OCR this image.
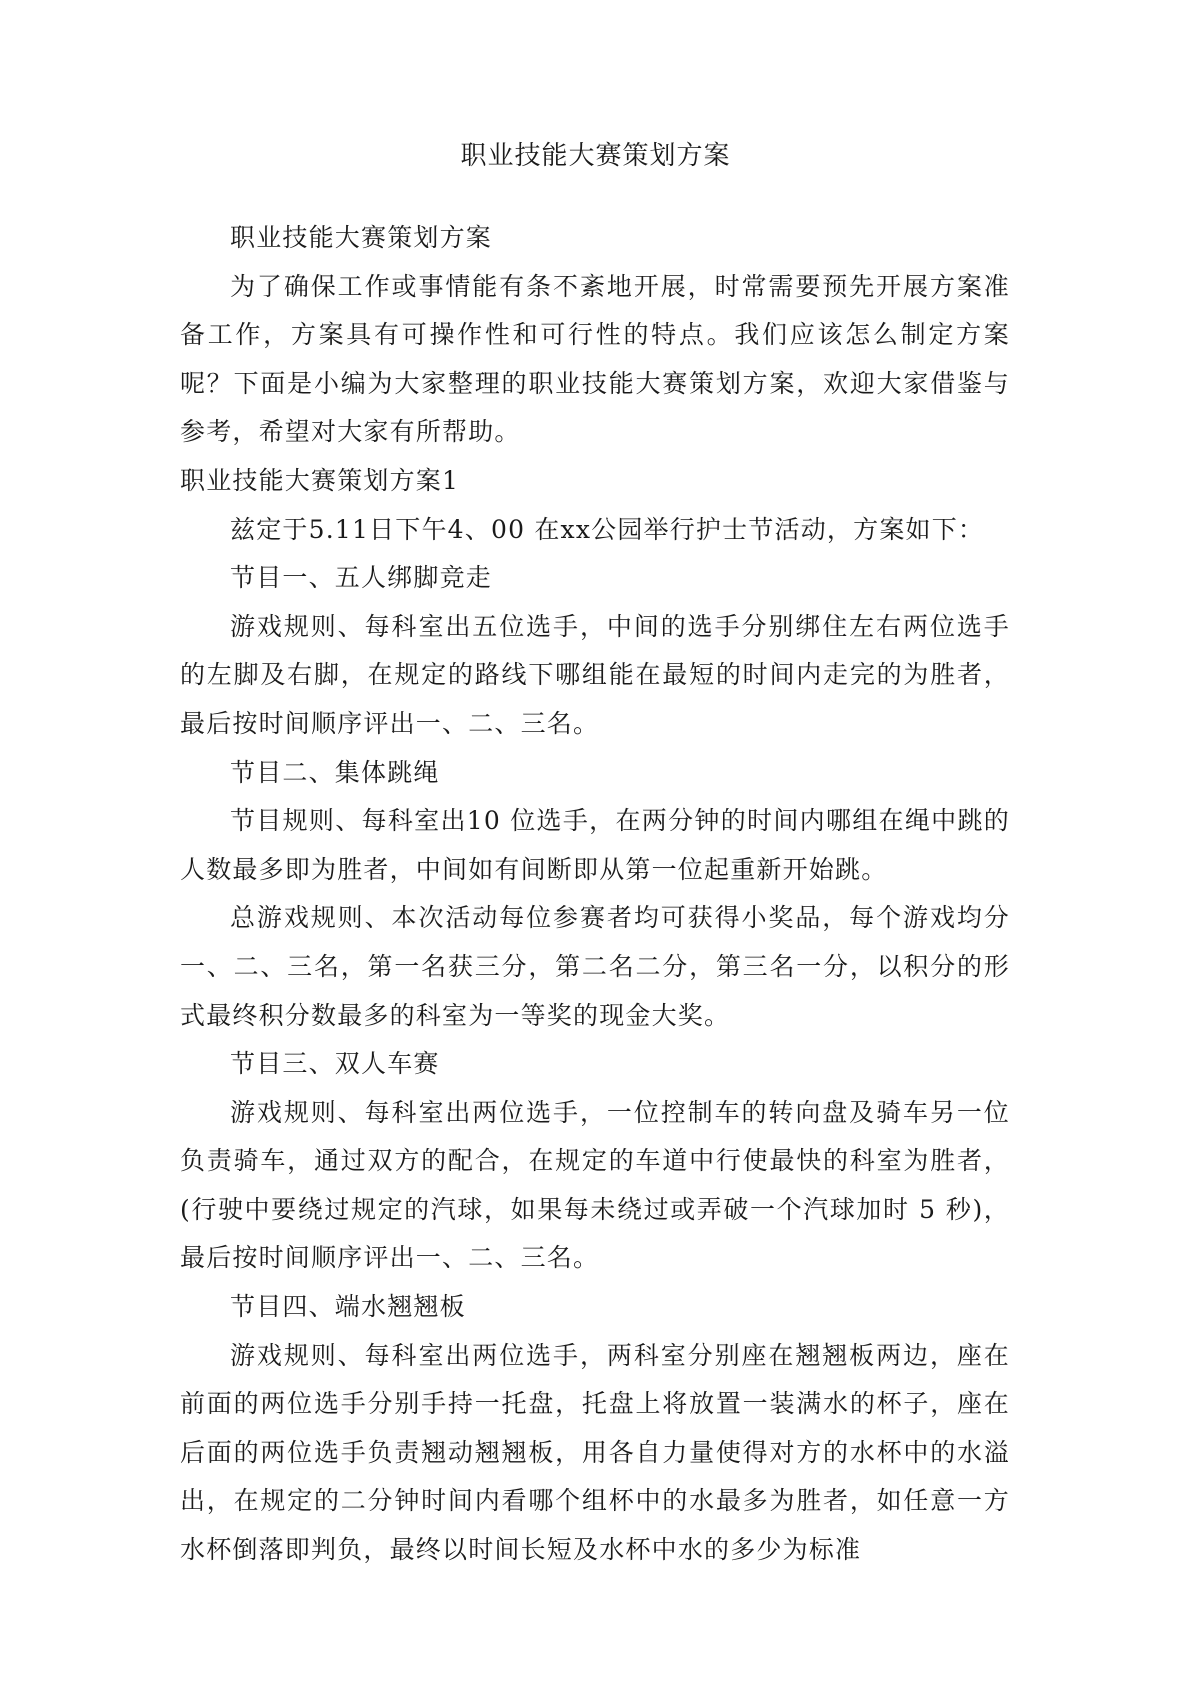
职业技能大赛策划方案

职业技能大赛策划方案

为了确保工作或事情能有条不紊地开展，时常需要预先开展方案准备工作，方案具有可操作性和可行性的特点。我们应该怎么制定方案呢？下面是小编为大家整理的职业技能大赛策划方案，欢迎大家借鉴与参考，希望对大家有所帮助。

职业技能大赛策划方案1

兹定于5.11日下午4、00 在xx公园举行护士节活动，方案如下：

节目一、五人绑脚竞走

游戏规则、每科室出五位选手，中间的选手分别绑住左右两位选手的左脚及右脚，在规定的路线下哪组能在最短的时间内走完的为胜者，最后按时间顺序评出一、二、三名。

节目二、集体跳绳

节目规则、每科室出10 位选手，在两分钟的时间内哪组在绳中跳的人数最多即为胜者，中间如有间断即从第一位起重新开始跳。

总游戏规则、本次活动每位参赛者均可获得小奖品，每个游戏均分一、二、三名，第一名获三分，第二名二分，第三名一分，以积分的形式最终积分数最多的科室为一等奖的现金大奖。

节目三、双人车赛

游戏规则、每科室出两位选手，一位控制车的转向盘及骑车另一位负责骑车，通过双方的配合，在规定的车道中行使最快的科室为胜者，(行驶中要绕过规定的汽球，如果每未绕过或弄破一个汽球加时 5 秒)，最后按时间顺序评出一、二、三名。

节目四、端水翘翘板

游戏规则、每科室出两位选手，两科室分别座在翘翘板两边，座在前面的两位选手分别手持一托盘，托盘上将放置一装满水的杯子，座在后面的两位选手负责翘动翘翘板，用各自力量使得对方的水杯中的水溢出，在规定的二分钟时间内看哪个组杯中的水最多为胜者，如任意一方水杯倒落即判负，最终以时间长短及水杯中水的多少为标准
